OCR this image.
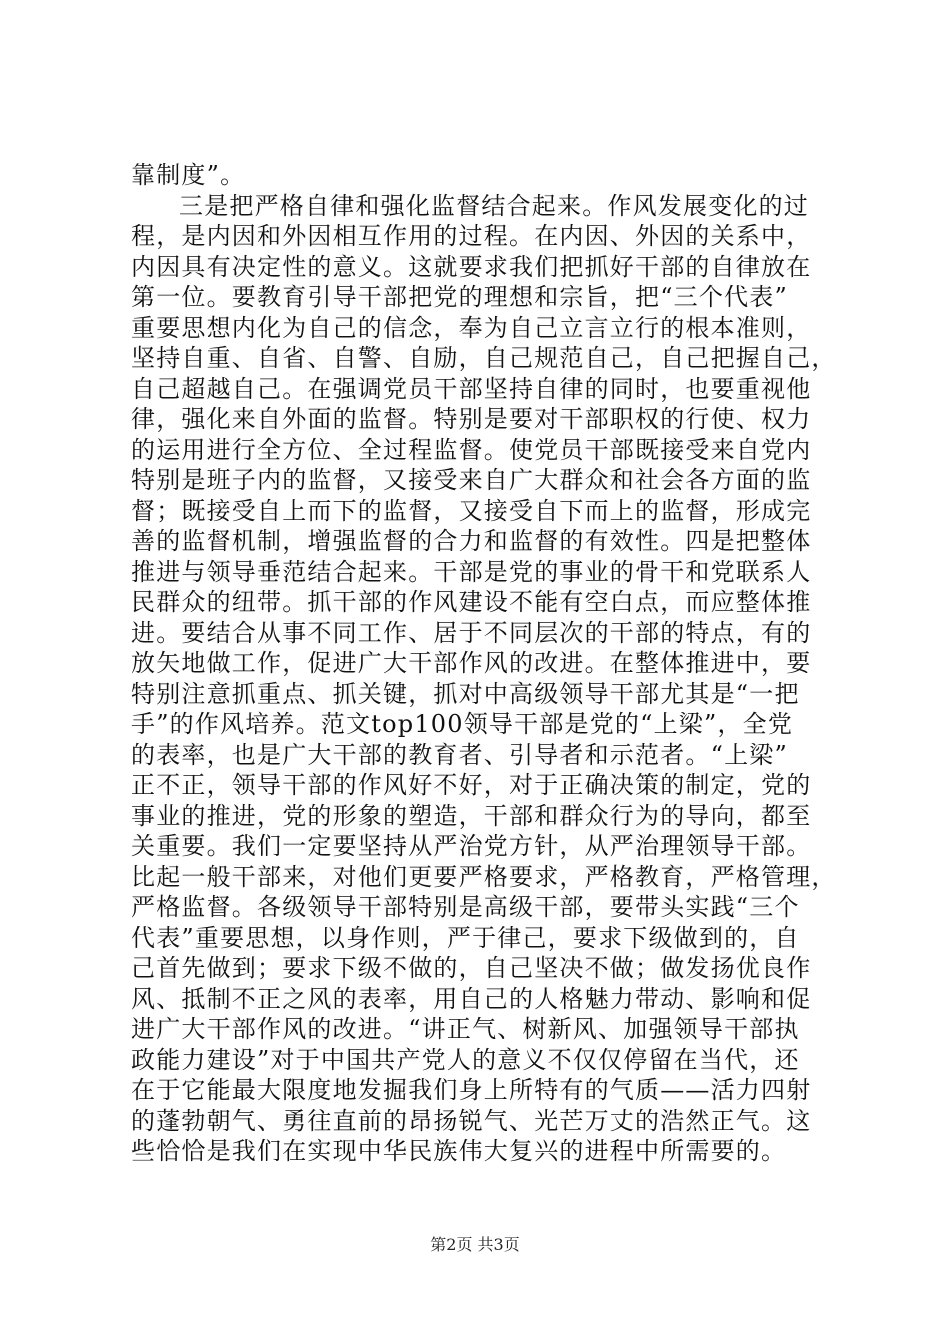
靠制度”。
三是把严格自律和强化监督结合起来。作风发展变化的过
程，是内因和外因相互作用的过程。在内因、外因的关系中，
内因具有决定性的意义。这就要求我们把抓好干部的自律放在
第一位。要教育引导干部把党的理想和宗旨，把“三个代表”
重要思想内化为自己的信念，奉为自己立言立行的根本准则，
坚持自重、自省、自警、自励，自己规范自己，自己把握自己，
自己超越自己。在强调党员干部坚持自律的同时，也要重视他
律，强化来自外面的监督。特别是要对干部职权的行使、权力
的运用进行全方位、全过程监督。使党员干部既接受来自党内
特别是班子内的监督，又接受来自广大群众和社会各方面的监
督；既接受自上而下的监督，又接受自下而上的监督，形成完
善的监督机制，增强监督的合力和监督的有效性。四是把整体
推进与领导垂范结合起来。干部是党的事业的骨干和党联系人
民群众的纽带。抓干部的作风建设不能有空白点，而应整体推
进。要结合从事不同工作、居于不同层次的干部的特点，有的
放矢地做工作，促进广大干部作风的改进。在整体推进中，要
特别注意抓重点、抓关键，抓对中高级领导干部尤其是“一把
手”的作风培养。范文top100领导干部是党的“上梁”，全党
的表率，也是广大干部的教育者、引导者和示范者。“上梁”
正不正，领导干部的作风好不好，对于正确决策的制定，党的
事业的推进，党的形象的塑造，干部和群众行为的导向，都至
关重要。我们一定要坚持从严治党方针，从严治理领导干部。
比起一般干部来，对他们更要严格要求，严格教育，严格管理，
严格监督。各级领导干部特别是高级干部，要带头实践“三个
代表”重要思想，以身作则，严于律己，要求下级做到的，自
己首先做到；要求下级不做的，自己坚决不做；做发扬优良作
风、抵制不正之风的表率，用自己的人格魅力带动、影响和促
进广大干部作风的改进。“讲正气、树新风、加强领导干部执
政能力建设”对于中国共产党人的意义不仅仅停留在当代，还
在于它能最大限度地发掘我们身上所特有的气质——活力四射
的蓬勃朝气、勇往直前的昂扬锐气、光芒万丈的浩然正气。这
些恰恰是我们在实现中华民族伟大复兴的进程中所需要的。
第2页 共3页
